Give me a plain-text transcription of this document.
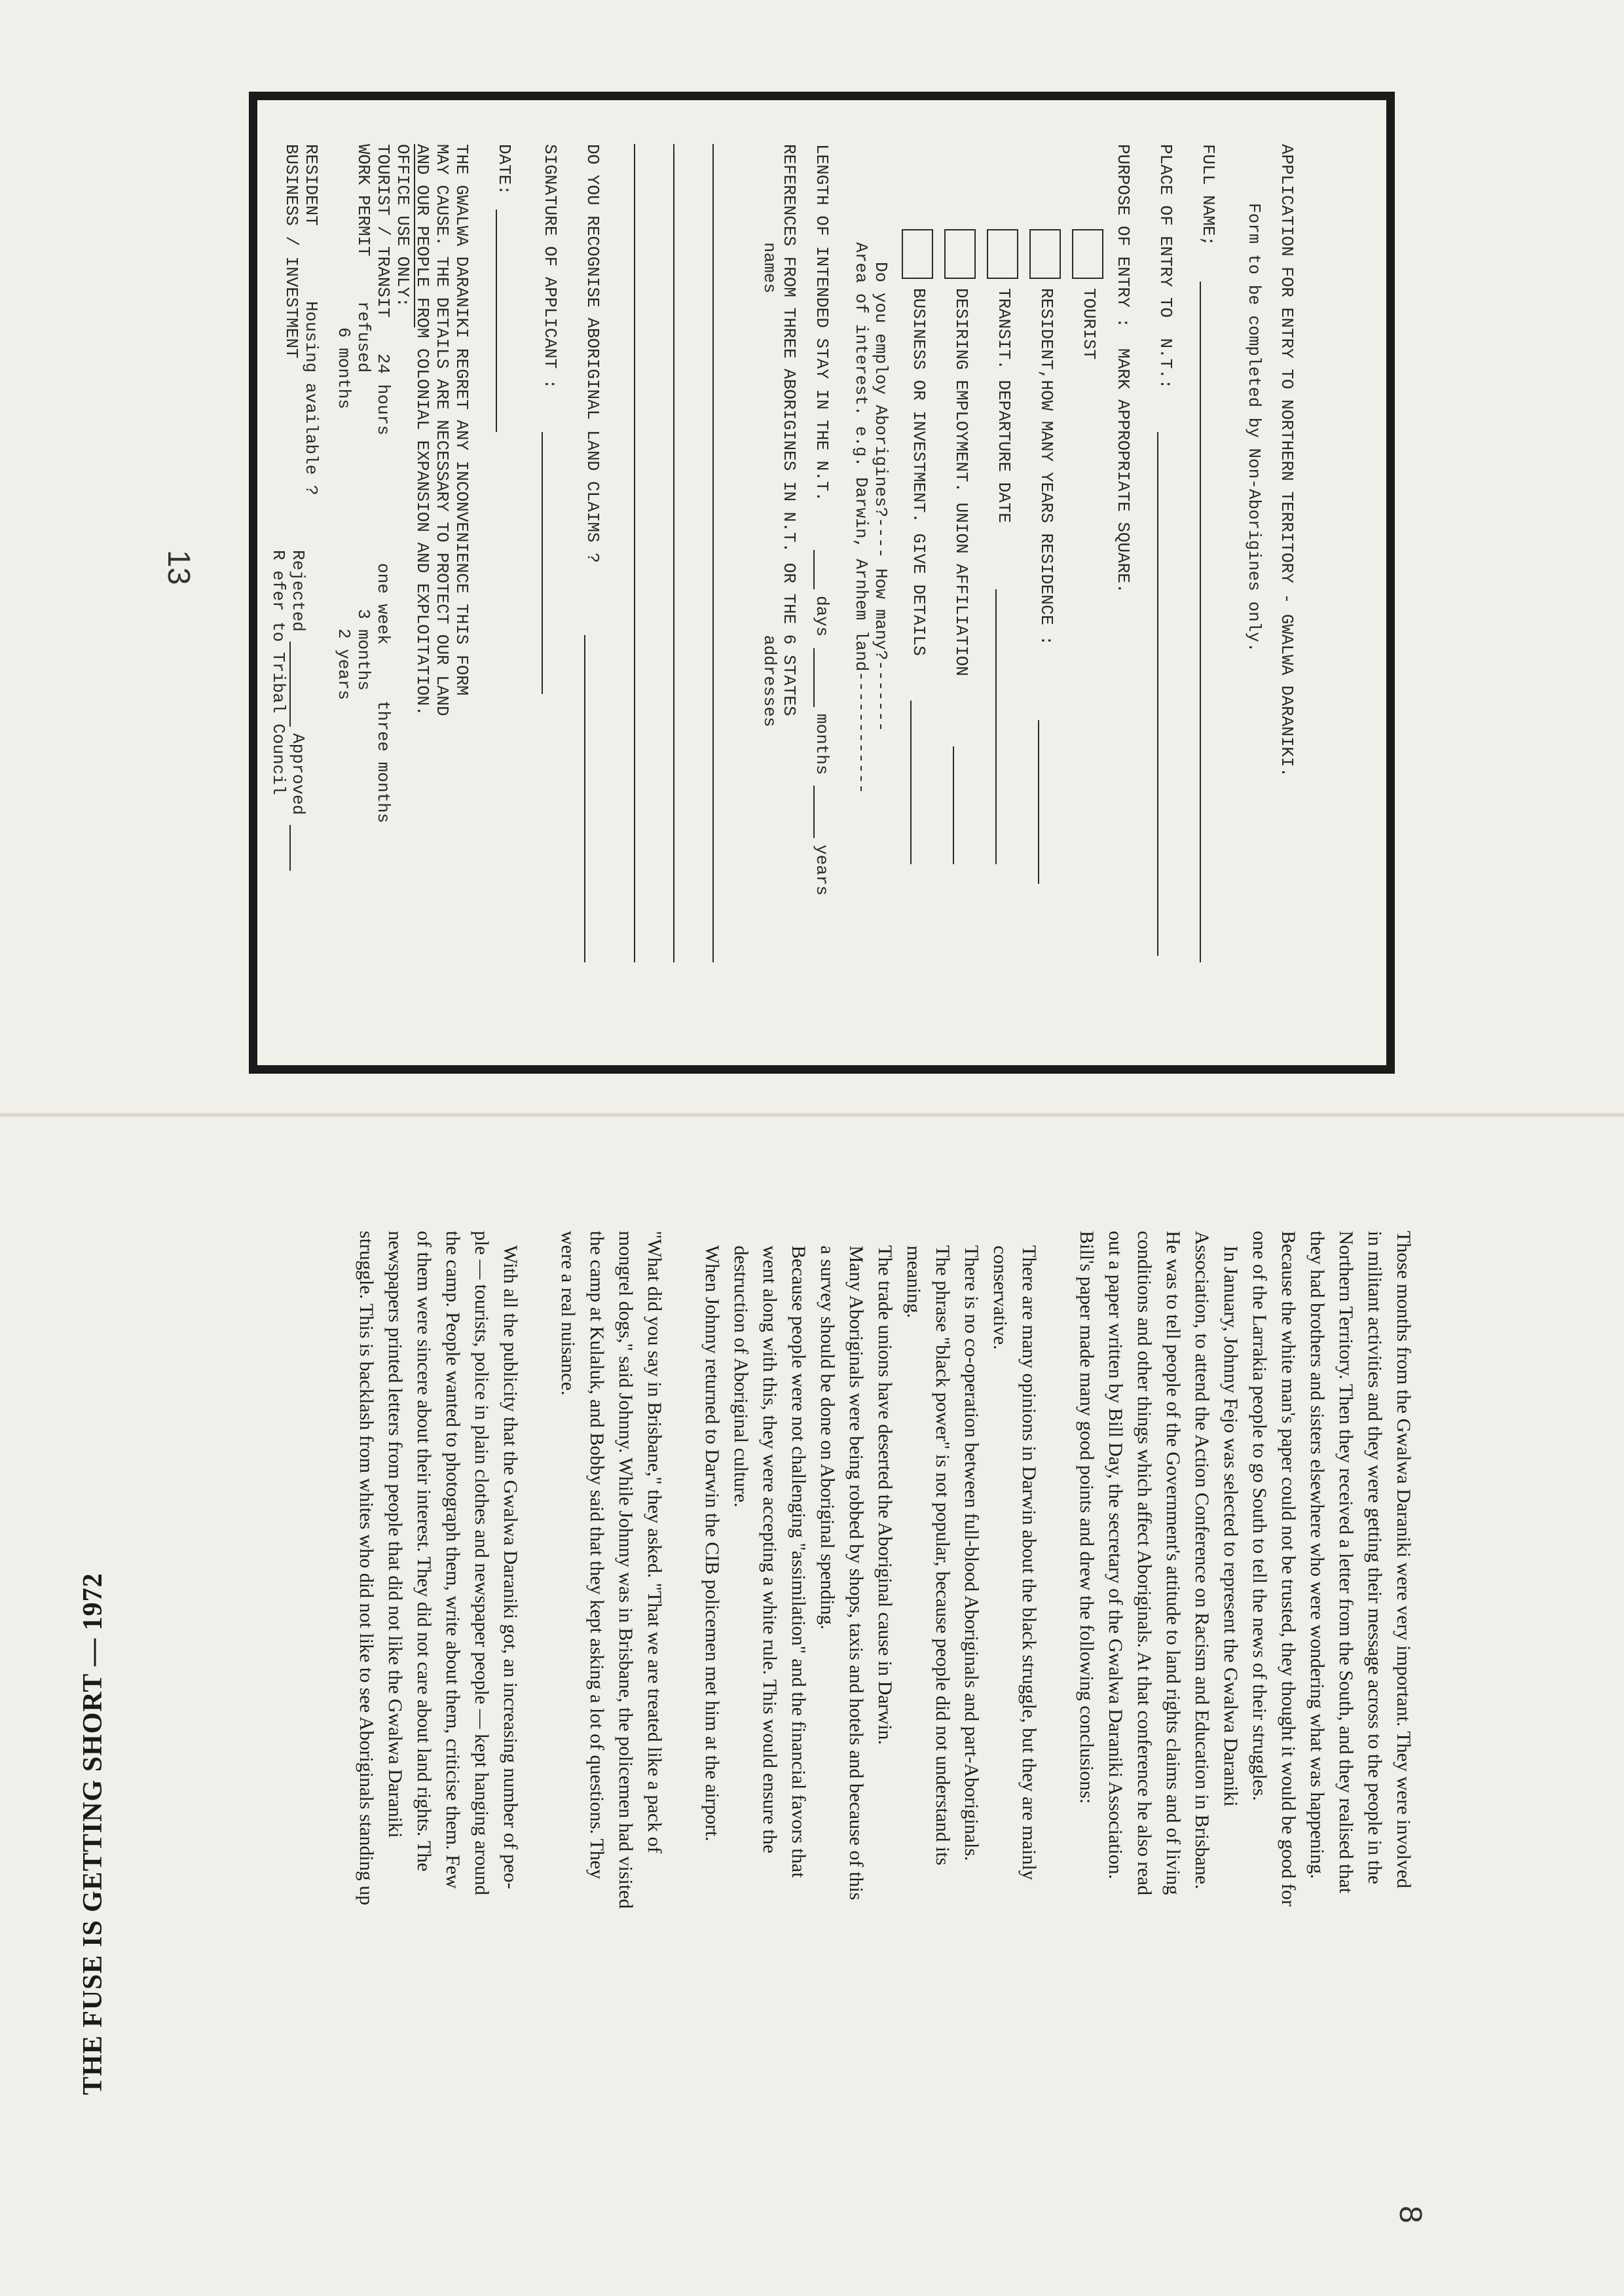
APPLICATION FOR ENTRY TO NORTHERN TERRITORY - GWALWA DARANIKI.
Form to be completed by Non-Aborigines only.
FULL NAME;
PLACE OF ENTRY TO  N.T.:
PURPOSE OF ENTRY :  MARK APPROPRIATE SQUARE.
TOURIST
RESIDENT,HOW MANY YEARS RESIDENCE :
TRANSIT. DEPARTURE DATE
DESIRING EMPLOYMENT. UNION AFFILIATION
BUSINESS OR INVESTMENT. GIVE DETAILS
Do you employ Aborigines?---- How many?-------
Area of interest. e.g. Darwin, Arnhem land------------
LENGTH OF INTENDED STAY IN THE N.T.
days
months
years
REFERENCES FROM THREE ABORIGINES IN N.T. OR THE 6 STATES
names
addresses
DO YOU RECOGNISE ABORIGINAL LAND CLAIMS ?
SIGNATURE OF APPLICANT :
DATE:
THE GWALWA DARANIKI REGRET ANY INCONVENIENCE THIS FORM
MAY CAUSE. THE DETAILS ARE NECESSARY TO PROTECT OUR LAND
AND OUR PEOPLE FROM COLONIAL EXPANSION AND EXPLOITATION.
OFFICE USE ONLY:
TOURIST / TRANSIT
24 hours
one week
three months
WORK PERMIT
refused
3 months
6 months
2 years
RESIDENT
Housing available ?
BUSINESS / INVESTMENT
Rejected
Approved
R efer to Tribal Council
13
Those months from the Gwalwa Daraniki were very important. They were involved
in militant activities and they were getting their message across to the people in the
Northern Territory. Then they received a letter from the South, and they realised that
they had brothers and sisters elsewhere who were wondering what was happening.
Because the white man's paper could not be trusted, they thought it would be good for
one of the Larrakia people to go South to tell the news of their struggles.
In January, Johnny Fejo was selected to represent the Gwalwa Daraniki
Association, to attend the Action Conference on Racism and Education in Brisbane.
He was to tell people of the Government's attitude to land rights claims and of living
conditions and other things which affect Aboriginals. At that conference he also read
out a paper written by Bill Day, the secretary of the Gwalwa Daraniki Association.
Bill's paper made many good points and drew the following conclusions:
There are many opinions in Darwin about the black struggle, but they are mainly
conservative.
There is no co-operation between full-blood Aboriginals and part-Aboriginals.
The phrase "black power" is not popular, because people did not understand its
meaning.
The trade unions have deserted the Aboriginal cause in Darwin.
Many Aboriginals were being robbed by shops, taxis and hotels and because of this
a survey should be done on Aboriginal spending.
Because people were not challenging "assimilation" and the financial favors that
went along with this, they were accepting a white rule. This would ensure the
destruction of Aboriginal culture.
When Johnny returned to Darwin the CIB policemen met him at the airport.
"What did you say in Brisbane," they asked. "That we are treated like a pack of
mongrel dogs," said Johnny. While Johnny was in Brisbane, the policemen had visited
the camp at Kulaluk, and Bobby said that they kept asking a lot of questions. They
were a real nuisance.
With all the publicity that the Gwalwa Daraniki got, an increasing number of peo-
ple — tourists, police in plain clothes and newspaper people — kept hanging around
the camp. People wanted to photograph them, write about them, criticise them. Few
of them were sincere about their interest. They did not care about land rights. The
newspapers printed letters from people that did not like the Gwalwa Daraniki
struggle. This is backlash from whites who did not like to see Aboriginals standing up
THE FUSE IS GETTING SHORT — 1972
8
